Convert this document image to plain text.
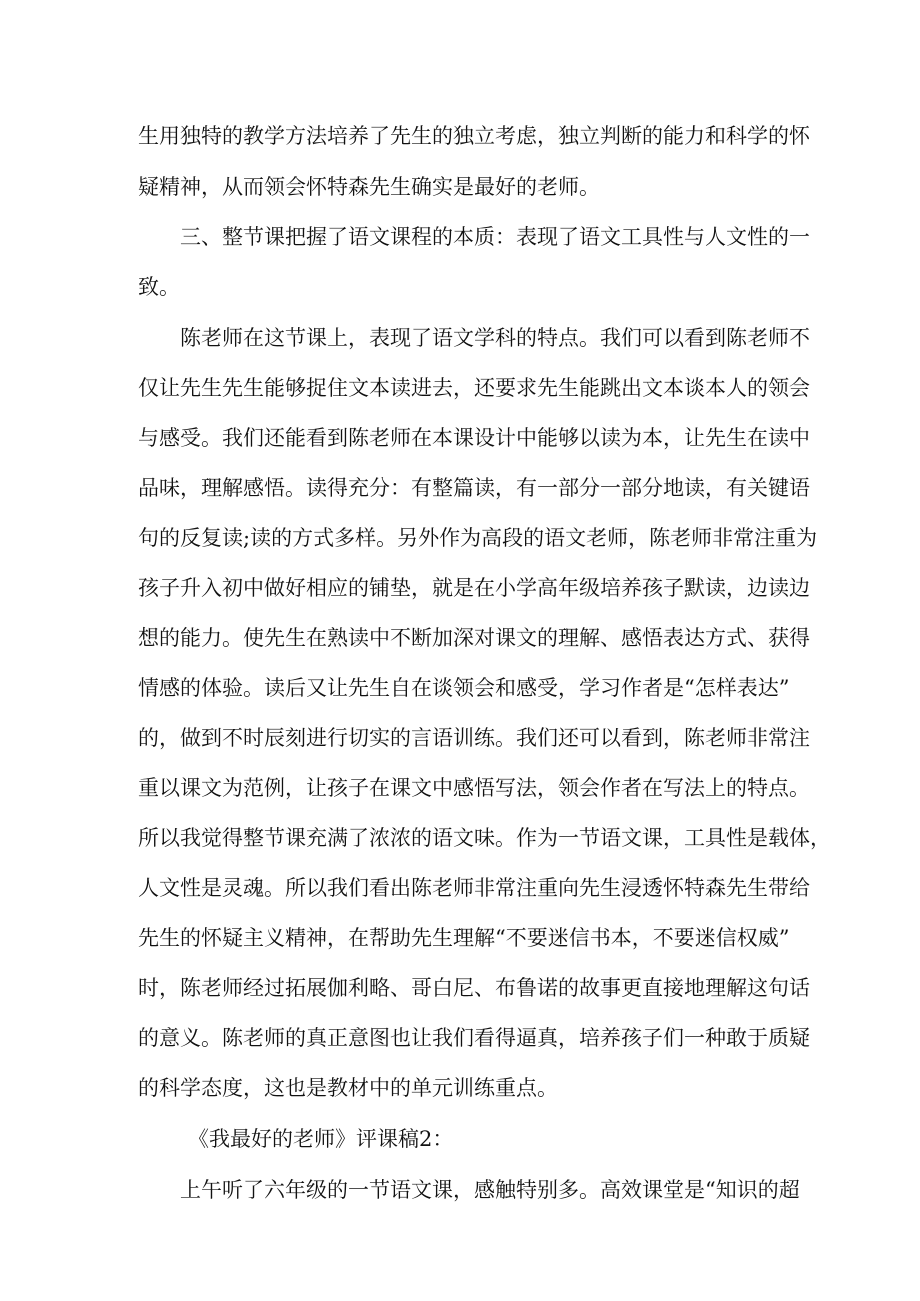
生用独特的教学方法培养了先生的独立考虑，独立判断的能力和科学的怀
疑精神，从而领会怀特森先生确实是最好的老师。
三、整节课把握了语文课程的本质：表现了语文工具性与人文性的一
致。
陈老师在这节课上，表现了语文学科的特点。我们可以看到陈老师不
仅让先生先生能够捉住文本读进去，还要求先生能跳出文本谈本人的领会
与感受。我们还能看到陈老师在本课设计中能够以读为本，让先生在读中
品味，理解感悟。读得充分：有整篇读，有一部分一部分地读，有关键语
句的反复读;读的方式多样。另外作为高段的语文老师，陈老师非常注重为
孩子升入初中做好相应的铺垫，就是在小学高年级培养孩子默读，边读边
想的能力。使先生在熟读中不断加深对课文的理解、感悟表达方式、获得
情感的体验。读后又让先生自在谈领会和感受，学习作者是“怎样表达”
的，做到不时辰刻进行切实的言语训练。我们还可以看到，陈老师非常注
重以课文为范例，让孩子在课文中感悟写法，领会作者在写法上的特点。
所以我觉得整节课充满了浓浓的语文味。作为一节语文课，工具性是载体，
人文性是灵魂。所以我们看出陈老师非常注重向先生浸透怀特森先生带给
先生的怀疑主义精神，在帮助先生理解“不要迷信书本，不要迷信权威”
时，陈老师经过拓展伽利略、哥白尼、布鲁诺的故事更直接地理解这句话
的意义。陈老师的真正意图也让我们看得逼真，培养孩子们一种敢于质疑
的科学态度，这也是教材中的单元训练重点。
《我最好的老师》评课稿2：
上午听了六年级的一节语文课，感触特别多。高效课堂是“知识的超
